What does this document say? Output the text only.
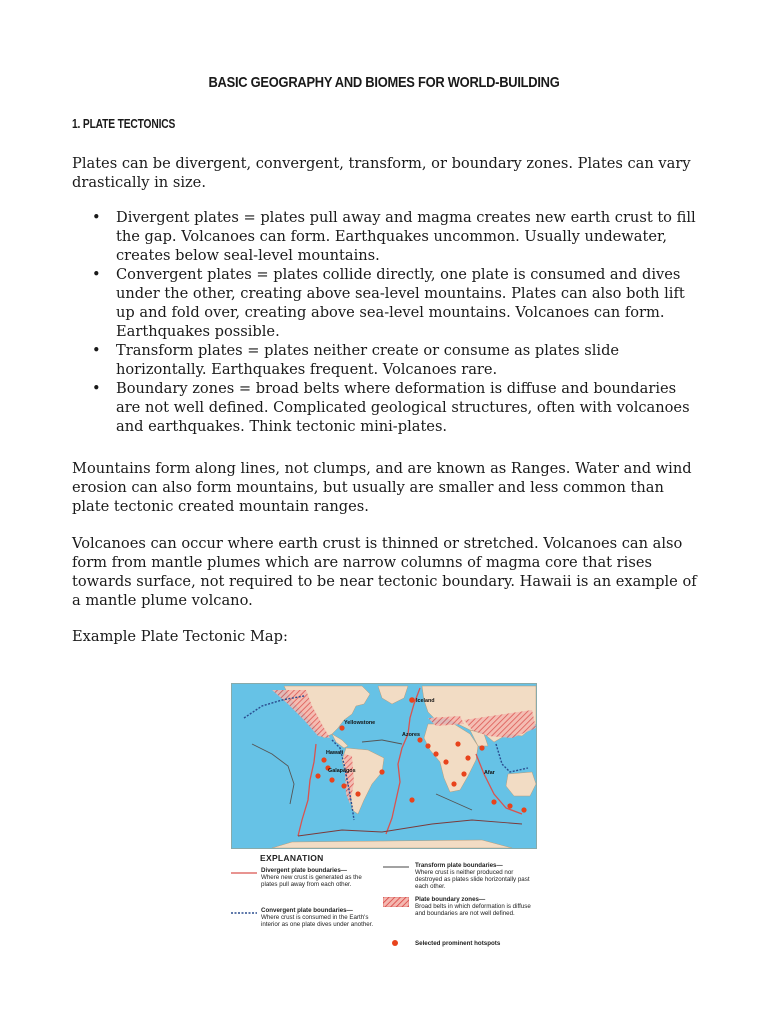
BASIC GEOGRAPHY AND BIOMES FOR WORLD-BUILDING
1. PLATE TECTONICS

Plates can be divergent, convergent, transform, or boundary zones. Plates can vary drastically in size.

• Divergent plates = plates pull away and magma creates new earth crust to fill the gap. Volcanoes can form. Earthquakes uncommon. Usually undewater, creates below seal-level mountains.
• Convergent plates = plates collide directly, one plate is consumed and dives under the other, creating above sea-level mountains. Plates can also both lift up and fold over, creating above sea-level mountains. Volcanoes can form. Earthquakes possible.
• Transform plates = plates neither create or consume as plates slide horizontally. Earthquakes frequent. Volcanoes rare.
• Boundary zones = broad belts where deformation is diffuse and boundaries are not well defined. Complicated geological structures, often with volcanoes and earthquakes. Think tectonic mini-plates.

Mountains form along lines, not clumps, and are known as Ranges. Water and wind erosion can also form mountains, but usually are smaller and less common than plate tectonic created mountain ranges.

Volcanoes can occur where earth crust is thinned or stretched. Volcanoes can also form from mantle plumes which are narrow columns of magma core that rises towards surface, not required to be near tectonic boundary. Hawaii is an example of a mantle plume volcano.

Example Plate Tectonic Map:

Iceland
Yellowstone
Azores
Hawaii
Galapagos	Afar
EXPLANATION
Divergent plate boundaries—
Where new crust is generated as the plates pull away from each other.
Convergent plate boundaries—
Where crust is consumed in the Earth's interior as one plate dives under another.
Transform plate boundaries—
Where crust is neither produced nor destroyed as plates slide horizontally past each other.
Plate boundary zones—
Broad belts in which deformation is diffuse and boundaries are not well defined.
Selected prominent hotspots
